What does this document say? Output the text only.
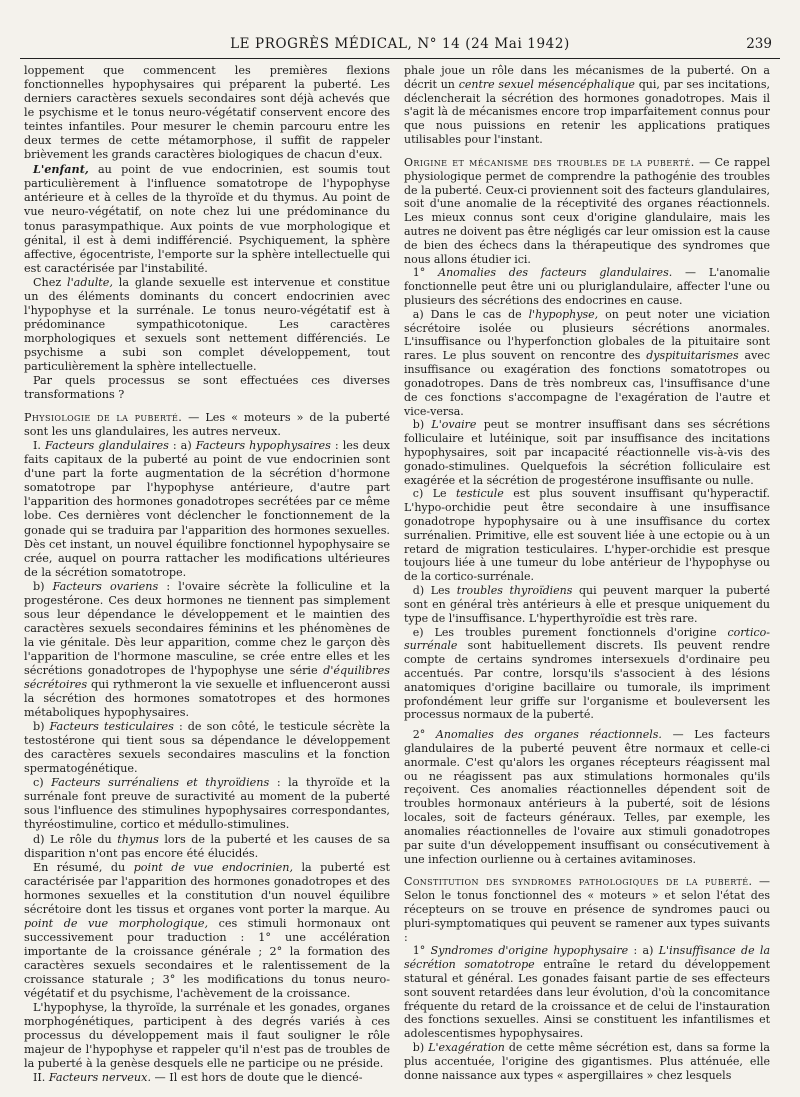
LE PROGRÈS MÉDICAL, N° 14 (24 Mai 1942)	239

loppement que commencent les premières flexions fonctionnelles hypophysaires qui préparent la puberté. Les derniers caractères sexuels secondaires sont déjà achevés que le psychisme et le tonus neuro-végétatif conservent encore des teintes infantiles. Pour mesurer le chemin parcouru entre les deux termes de cette métamorphose, il suffit de rappeler brièvement les grands caractères biologiques de chacun d'eux.

L'enfant, au point de vue endocrinien, est soumis tout particulièrement à l'influence somatotrope de l'hypophyse antérieure et à celles de la thyroïde et du thymus. Au point de vue neuro-végétatif, on note chez lui une prédominance du tonus parasympathique. Aux points de vue morphologique et génital, il est à demi indifférencié. Psychiquement, la sphère affective, égocentriste, l'emporte sur la sphère intellectuelle qui est caractérisée par l'instabilité.

Chez l'adulte, la glande sexuelle est intervenue et constitue un des éléments dominants du concert endocrinien avec l'hypophyse et la surrénale. Le tonus neuro-végétatif est à prédominance sympathicotonique. Les caractères morphologiques et sexuels sont nettement différenciés. Le psychisme a subi son complet développement, tout particulièrement la sphère intellectuelle.

Par quels processus se sont effectuées ces diverses transformations ?

Physiologie de la puberté. — Les « moteurs » de la puberté sont les uns glandulaires, les autres nerveux.

I. Facteurs glandulaires : a) Facteurs hypophysaires : les deux faits capitaux de la puberté au point de vue endocrinien sont d'une part la forte augmentation de la sécrétion d'hormone somatotrope par l'hypophyse antérieure, d'autre part l'apparition des hormones gonadotropes secrétées par ce même lobe. Ces dernières vont déclencher le fonctionnement de la gonade qui se traduira par l'apparition des hormones sexuelles. Dès cet instant, un nouvel équilibre fonctionnel hypophysaire se crée, auquel on pourra rattacher les modifications ultérieures de la sécrétion somatotrope.

b) Facteurs ovariens : l'ovaire sécrète la folliculine et la progestérone. Ces deux hormones ne tiennent pas simplement sous leur dépendance le développement et le maintien des caractères sexuels secondaires féminins et les phénomènes de la vie génitale. Dès leur apparition, comme chez le garçon dès l'apparition de l'hormone masculine, se crée entre elles et les sécrétions gonadotropes de l'hypophyse une série d'équilibres sécrétoires qui rythmeront la vie sexuelle et influenceront aussi la sécrétion des hormones somatotropes et des hormones métaboliques hypophysaires.

b) Facteurs testiculaires : de son côté, le testicule sécrète la testostérone qui tient sous sa dépendance le développement des caractères sexuels secondaires masculins et la fonction spermatogénétique.

c) Facteurs surrénaliens et thyroïdiens : la thyroïde et la surrénale font preuve de suractivité au moment de la puberté sous l'influence des stimulines hypophysaires correspondantes, thyréostimuline, cortico et médullo-stimulines.

d) Le rôle du thymus lors de la puberté et les causes de sa disparition n'ont pas encore été élucidés.

En résumé, du point de vue endocrinien, la puberté est caractérisée par l'apparition des hormones gonadotropes et des hormones sexuelles et la constitution d'un nouvel équilibre sécrétoire dont les tissus et organes vont porter la marque. Au point de vue morphologique, ces stimuli hormonaux ont successivement pour traduction : 1° une accélération importante de la croissance générale ; 2° la formation des caractères sexuels secondaires et le ralentissement de la croissance staturale ; 3° les modifications du tonus neuro-végétatif et du psychisme, l'achèvement de la croissance.

L'hypophyse, la thyroïde, la surrénale et les gonades, organes morphogénétiques, participent à des degrés variés à ces processus du développement mais il faut souligner le rôle majeur de l'hypophyse et rappeler qu'il n'est pas de troubles de la puberté à la genèse desquels elle ne participe ou ne préside.

II. Facteurs nerveux. — Il est hors de doute que le diencé-

phale joue un rôle dans les mécanismes de la puberté. On a décrit un centre sexuel mésencéphalique qui, par ses incitations, déclencherait la sécrétion des hormones gonadotropes. Mais il s'agit là de mécanismes encore trop imparfaitement connus pour que nous puissions en retenir les applications pratiques utilisables pour l'instant.

Origine et mécanisme des troubles de la puberté. — Ce rappel physiologique permet de comprendre la pathogénie des troubles de la puberté. Ceux-ci proviennent soit des facteurs glandulaires, soit d'une anomalie de la réceptivité des organes réactionnels. Les mieux connus sont ceux d'origine glandulaire, mais les autres ne doivent pas être négligés car leur omission est la cause de bien des échecs dans la thérapeutique des syndromes que nous allons étudier ici.

1° Anomalies des facteurs glandulaires. — L'anomalie fonctionnelle peut être uni ou pluriglandulaire, affecter l'une ou plusieurs des sécrétions des endocrines en cause.

a) Dans le cas de l'hypophyse, on peut noter une viciation sécrétoire isolée ou plusieurs sécrétions anormales. L'insuffisance ou l'hyperfonction globales de la pituitaire sont rares. Le plus souvent on rencontre des dyspituitarismes avec insuffisance ou exagération des fonctions somatotropes ou gonadotropes. Dans de très nombreux cas, l'insuffisance d'une de ces fonctions s'accompagne de l'exagération de l'autre et vice-versa.

b) L'ovaire peut se montrer insuffisant dans ses sécrétions folliculaire et lutéinique, soit par insuffisance des incitations hypophysaires, soit par incapacité réactionnelle vis-à-vis des gonado-stimulines. Quelquefois la sécrétion folliculaire est exagérée et la sécrétion de progestérone insuffisante ou nulle.

c) Le testicule est plus souvent insuffisant qu'hyperactif. L'hypo-orchidie peut être secondaire à une insuffisance gonadotrope hypophysaire ou à une insuffisance du cortex surrénalien. Primitive, elle est souvent liée à une ectopie ou à un retard de migration testiculaires. L'hyper-orchidie est presque toujours liée à une tumeur du lobe antérieur de l'hypophyse ou de la cortico-surrénale.

d) Les troubles thyroïdiens qui peuvent marquer la puberté sont en général très antérieurs à elle et presque uniquement du type de l'insuffisance. L'hyperthyroïdie est très rare.

e) Les troubles purement fonctionnels d'origine cortico-surrénale sont habituellement discrets. Ils peuvent rendre compte de certains syndromes intersexuels d'ordinaire peu accentués. Par contre, lorsqu'ils s'associent à des lésions anatomiques d'origine bacillaire ou tumorale, ils impriment profondément leur griffe sur l'organisme et bouleversent les processus normaux de la puberté.

2° Anomalies des organes réactionnels. — Les facteurs glandulaires de la puberté peuvent être normaux et celle-ci anormale. C'est qu'alors les organes récepteurs réagissent mal ou ne réagissent pas aux stimulations hormonales qu'ils reçoivent. Ces anomalies réactionnelles dépendent soit de troubles hormonaux antérieurs à la puberté, soit de lésions locales, soit de facteurs généraux. Telles, par exemple, les anomalies réactionnelles de l'ovaire aux stimuli gonadotropes par suite d'un développement insuffisant ou consécutivement à une infection ourlienne ou à certaines avitaminoses.

Constitution des syndromes pathologiques de la puberté. — Selon le tonus fonctionnel des « moteurs » et selon l'état des récepteurs on se trouve en présence de syndromes pauci ou pluri-symptomatiques qui peuvent se ramener aux types suivants :

1° Syndromes d'origine hypophysaire : a) L'insuffisance de la sécrétion somatotrope entraîne le retard du développement statural et général. Les gonades faisant partie de ses effecteurs sont souvent retardées dans leur évolution, d'où la concomitance fréquente du retard de la croissance et de celui de l'instauration des fonctions sexuelles. Ainsi se constituent les infantilismes et adolescentismes hypophysaires.

b) L'exagération de cette même sécrétion est, dans sa forme la plus accentuée, l'origine des gigantismes. Plus atténuée, elle donne naissance aux types « aspergillaires » chez lesquels
